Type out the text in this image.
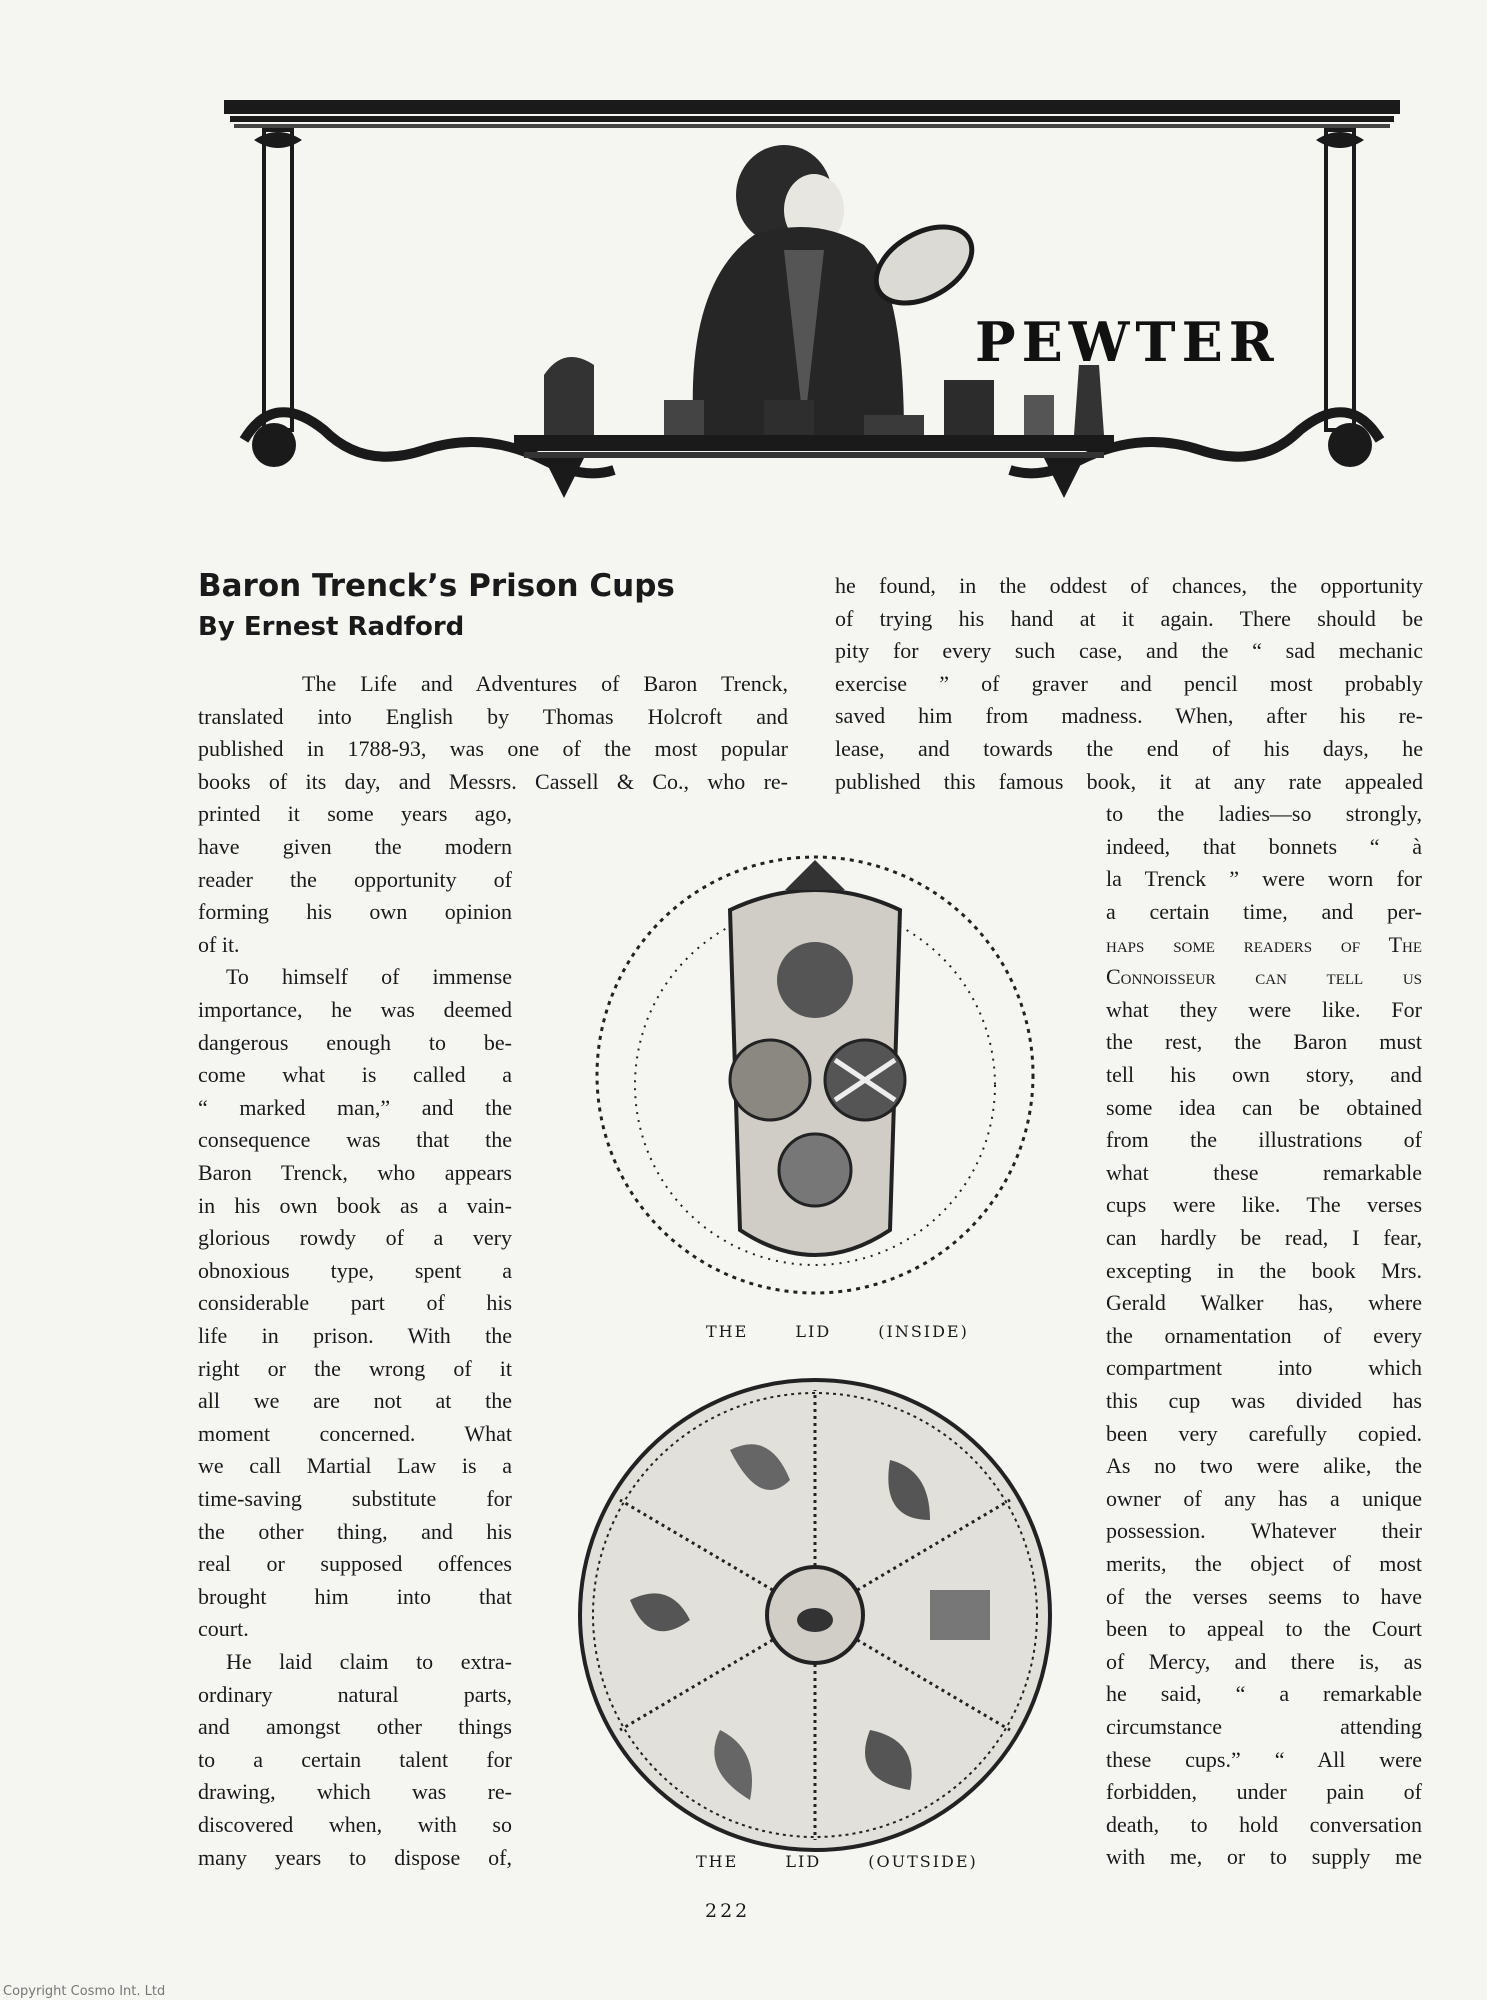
PEWTER
Baron Trenck’s Prison Cups
By Ernest Radford
The Life and Adventures of Baron Trenck,
translated into English by Thomas Holcroft and
published in 1788-93, was one of the most popular
books of its day, and Messrs. Cassell & Co., who re-
printed it some years ago,
have given the modern
reader the opportunity of
forming his own opinion
of it.
To himself of immense
importance, he was deemed
dangerous enough to be-
come what is called a
“ marked man,” and the
consequence was that the
Baron Trenck, who appears
in his own book as a vain-
glorious rowdy of a very
obnoxious type, spent a
considerable part of his
life in prison. With the
right or the wrong of it
all we are not at the
moment concerned. What
we call Martial Law is a
time-saving substitute for
the other thing, and his
real or supposed offences
brought him into that
court.
He laid claim to extra-
ordinary natural parts,
and amongst other things
to a certain talent for
drawing, which was re-
discovered when, with so
many years to dispose of,
he found, in the oddest of chances, the opportunity
of trying his hand at it again. There should be
pity for every such case, and the “ sad mechanic
exercise ” of graver and pencil most probably
saved him from madness. When, after his re-
lease, and towards the end of his days, he
published this famous book, it at any rate appealed
to the ladies—so strongly,
indeed, that bonnets “ à
la Trenck ” were worn for
a certain time, and per-
haps some readers of The
Connoisseur can tell us
what they were like. For
the rest, the Baron must
tell his own story, and
some idea can be obtained
from the illustrations of
what these remarkable
cups were like. The verses
can hardly be read, I fear,
excepting in the book Mrs.
Gerald Walker has, where
the ornamentation of every
compartment into which
this cup was divided has
been very carefully copied.
As no two were alike, the
owner of any has a unique
possession. Whatever their
merits, the object of most
of the verses seems to have
been to appeal to the Court
of Mercy, and there is, as
he said, “ a remarkable
circumstance attending
these cups.” “ All were
forbidden, under pain of
death, to hold conversation
with me, or to supply me
THE LID (INSIDE)
THE LID (OUTSIDE)
222
Copyright Cosmo Int. Ltd
